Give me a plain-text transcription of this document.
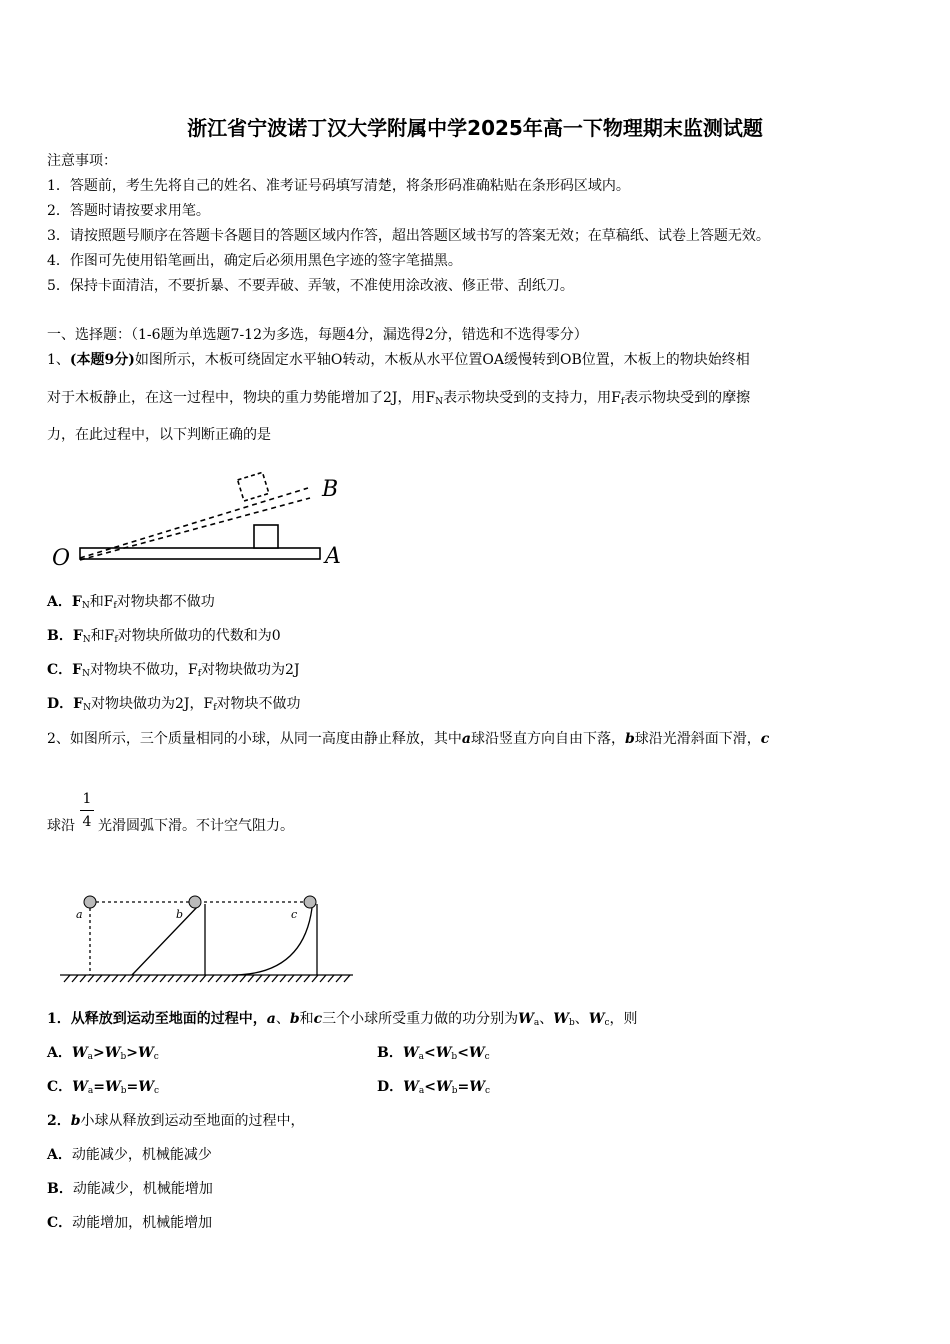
浙江省宁波诺丁汉大学附属中学2025年高一下物理期末监测试题
注意事项：
1．答题前，考生先将自己的姓名、准考证号码填写清楚，将条形码准确粘贴在条形码区域内。
2．答题时请按要求用笔。
3．请按照题号顺序在答题卡各题目的答题区域内作答，超出答题区域书写的答案无效；在草稿纸、试卷上答题无效。
4．作图可先使用铅笔画出，确定后必须用黑色字迹的签字笔描黑。
5．保持卡面清洁，不要折暴、不要弄破、弄皱，不准使用涂改液、修正带、刮纸刀。
一、选择题：（1-6题为单选题7-12为多选，每题4分，漏选得2分，错选和不选得零分）
1、(本题9分)如图所示，木板可绕固定水平轴O转动，木板从水平位置OA缓慢转到OB位置，木板上的物块始终相
对于木板静止，在这一过程中，物块的重力势能增加了2J，用$F_N$表示物块受到的支持力，用$F_f$表示物块受到的摩擦
力，在此过程中，以下判断正确的是
O	A
B
A．$F_N$和$F_f$对物块都不做功
B．$F_N$和$F_f$对物块所做功的代数和为0
C．$F_N$对物块不做功，$F_f$对物块做功为2J
D．$F_N$对物块做功为2J，$F_f$对物块不做功
2、如图所示，三个质量相同的小球，从同一高度由静止释放，其中a球沿竖直方向自由下落，b球沿光滑斜面下滑，c
球沿
1
4 光滑圆弧下滑。不计空气阻力。
a	b	c
1．从释放到运动至地面的过程中，a、b和c三个小球所受重力做的功分别为$W_a$、$W_b$、$W_c$，则
A．$W_a>W_b>W_c$	B．$W_a<W_b<W_c$
C．$W_a=W_b=W_c$	D．$W_a<W_b=W_c$
2．b小球从释放到运动至地面的过程中，
A．动能减少，机械能减少
B．动能减少，机械能增加
C．动能增加，机械能增加
